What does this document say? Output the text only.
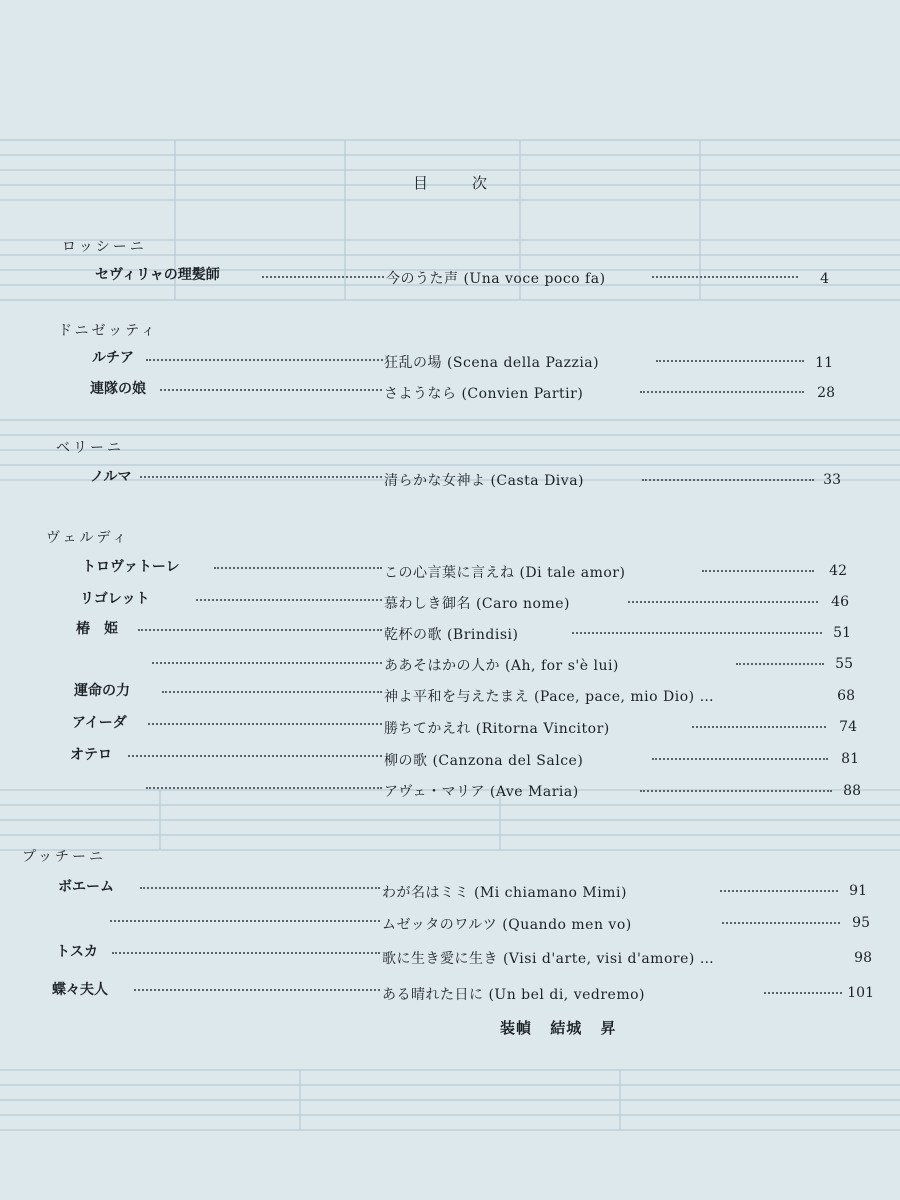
目	次
ロッシーニ
セヴィリャの理髪師	今のうた声 (Una voce poco fa)	4
ドニゼッティ
ルチア	狂乱の場 (Scena della Pazzia)	11
連隊の娘	さようなら (Convien Partir)	28
ベリーニ
ノルマ	清らかな女神よ (Casta Diva)	33
ヴェルディ
トロヴァトーレ	この心言葉に言えね (Di tale amor)	42
リゴレット	慕わしき御名 (Caro nome)	46
椿　姫	乾杯の歌 (Brindisi)	51
ああそはかの人か (Ah, for s'è lui)	55
運命の力	神よ平和を与えたまえ (Pace, pace, mio Dio) …	68
アイーダ	勝ちてかえれ (Ritorna Vincitor)	74
オテロ	柳の歌 (Canzona del Salce)	81
アヴェ・マリア (Ave Maria)	88
プッチーニ
ボエーム	わが名はミミ (Mi chiamano Mimi)	91
ムゼッタのワルツ (Quando men vo)	95
トスカ	歌に生き愛に生き (Visi d'arte, visi d'amore) …	98
蝶々夫人	ある晴れた日に (Un bel di, vedremo)	101
装幀 結城 昇
